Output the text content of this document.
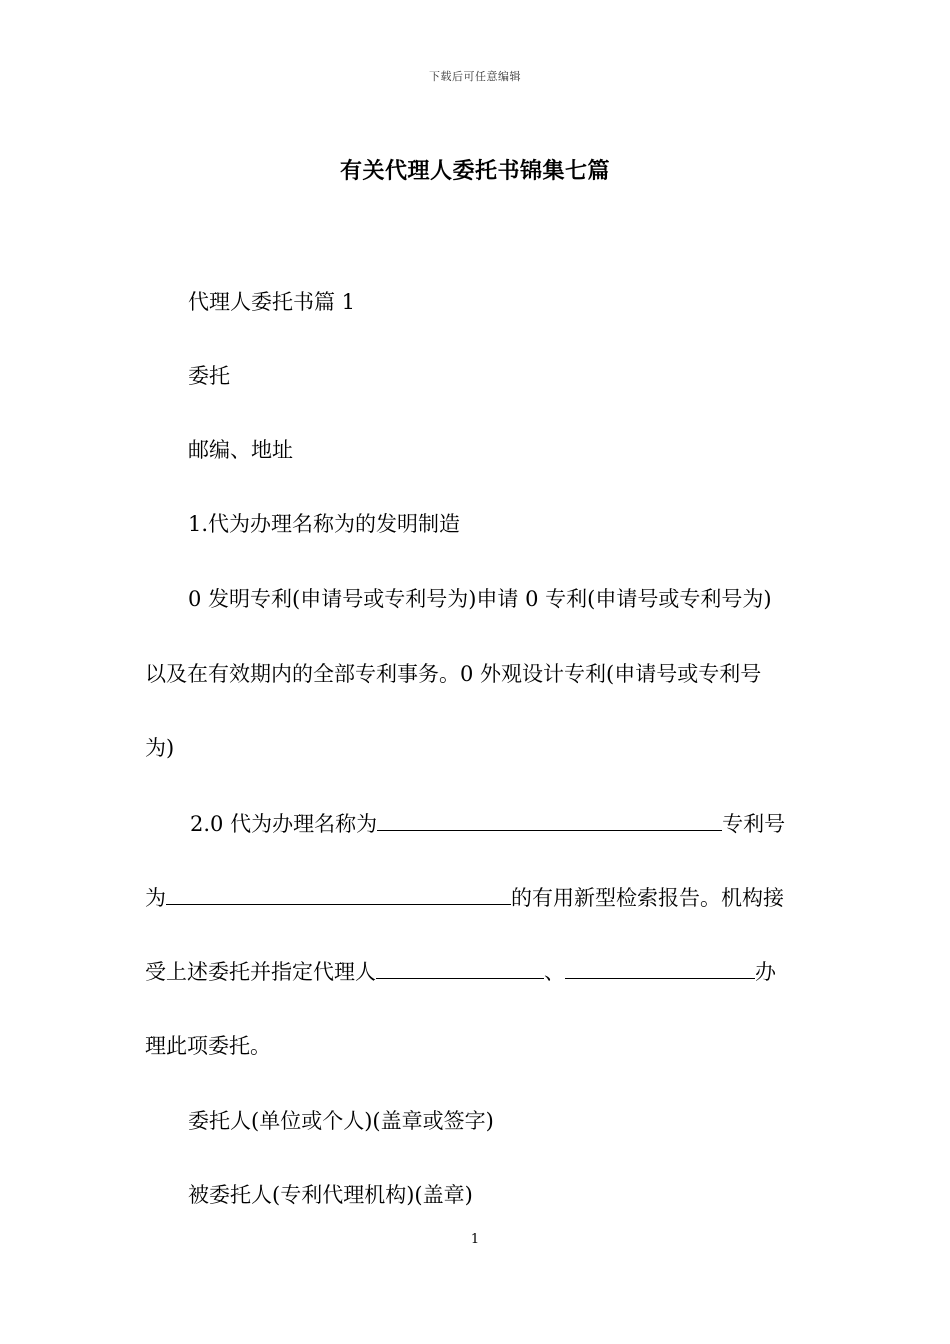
下载后可任意编辑
有关代理人委托书锦集七篇
代理人委托书篇 1
委托
邮编、地址
1.代为办理名称为的发明制造
0 发明专利(申请号或专利号为)申请 0 专利(申请号或专利号为)
以及在有效期内的全部专利事务。0 外观设计专利(申请号或专利号
为)
2.0 代为办理名称为	专利号
为	的有用新型检索报告。机构接
受上述委托并指定代理人	、	办
理此项委托。
委托人(单位或个人)(盖章或签字)
被委托人(专利代理机构)(盖章)
1
